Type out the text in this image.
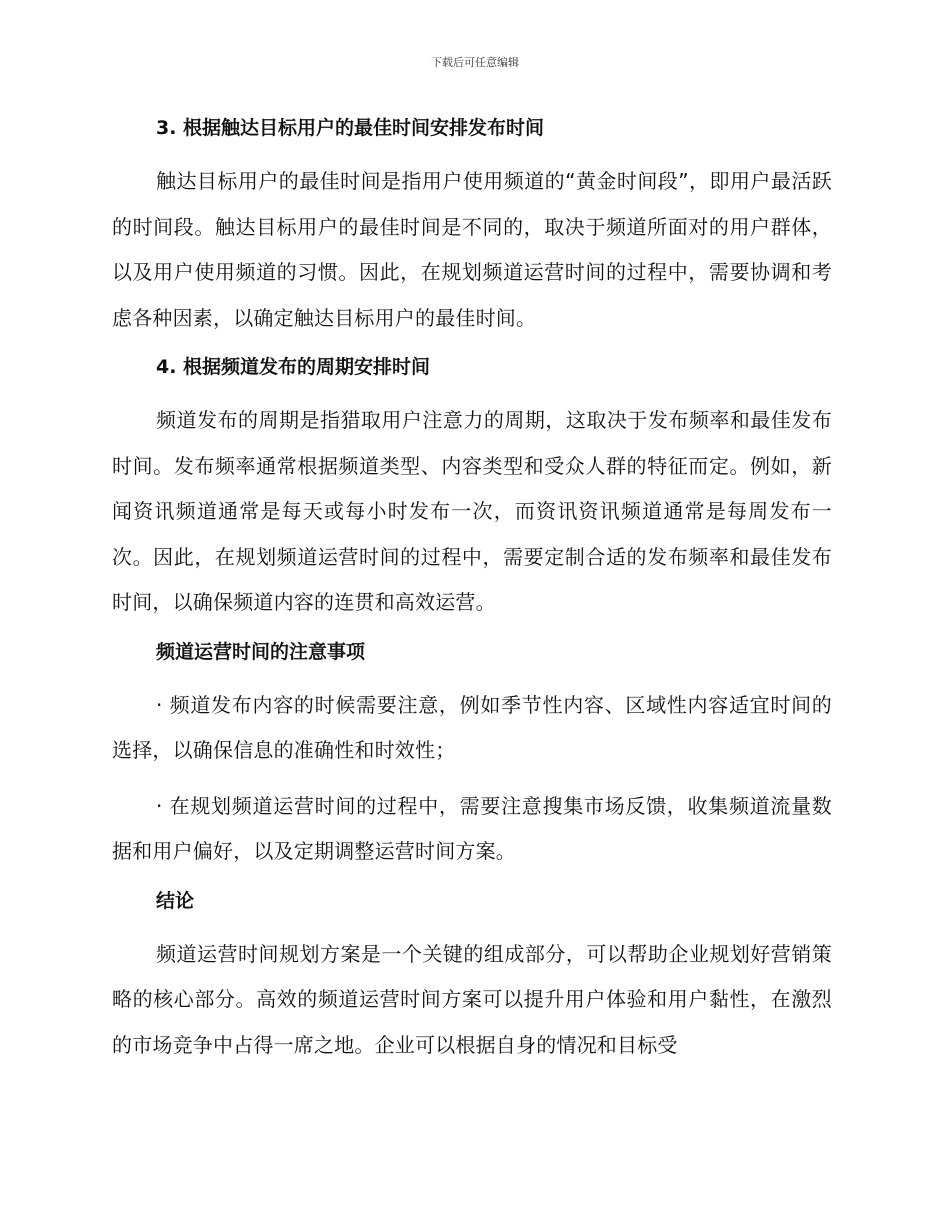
下载后可任意编辑
3. 根据触达目标用户的最佳时间安排发布时间

触达目标用户的最佳时间是指用户使用频道的“黄金时间段”，即用户最活跃的时间段。触达目标用户的最佳时间是不同的，取决于频道所面对的用户群体，以及用户使用频道的习惯。因此，在规划频道运营时间的过程中，需要协调和考虑各种因素，以确定触达目标用户的最佳时间。

4. 根据频道发布的周期安排时间

频道发布的周期是指猎取用户注意力的周期，这取决于发布频率和最佳发布时间。发布频率通常根据频道类型、内容类型和受众人群的特征而定。例如，新闻资讯频道通常是每天或每小时发布一次，而资讯资讯频道通常是每周发布一次。因此，在规划频道运营时间的过程中，需要定制合适的发布频率和最佳发布时间，以确保频道内容的连贯和高效运营。

频道运营时间的注意事项

· 频道发布内容的时候需要注意，例如季节性内容、区域性内容适宜时间的选择，以确保信息的准确性和时效性；

· 在规划频道运营时间的过程中，需要注意搜集市场反馈，收集频道流量数据和用户偏好，以及定期调整运营时间方案。

结论

频道运营时间规划方案是一个关键的组成部分，可以帮助企业规划好营销策略的核心部分。高效的频道运营时间方案可以提升用户体验和用户黏性，在激烈的市场竞争中占得一席之地。企业可以根据自身的情况和目标受
